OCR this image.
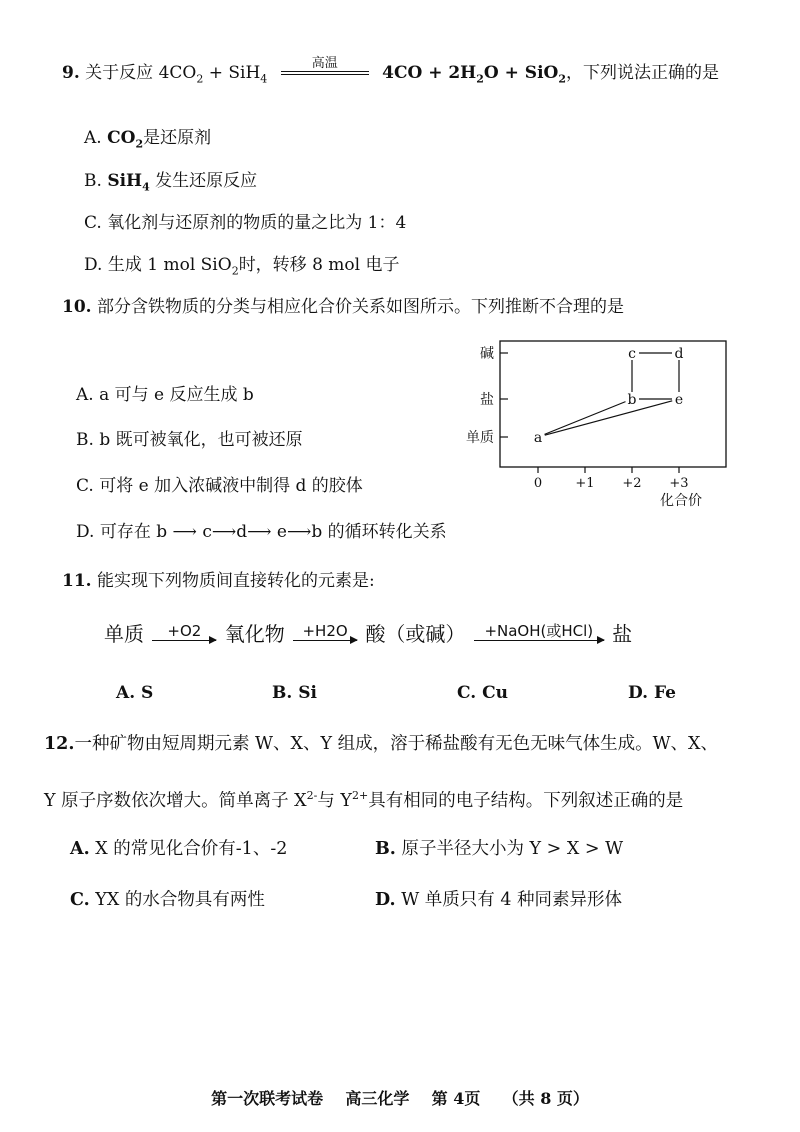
9. 关于反应 $4CO_2 + SiH_4$
高温	$4CO + 2H_2O + SiO_2$，下列说法正确的是
A. $CO_2$是还原剂
B. SiH$_4$ 发生还原反应
C. 氧化剂与还原剂的物质的量之比为 1：4
D. 生成 1 mol SiO$_2$时，转移 8 mol 电子
10. 部分含铁物质的分类与相应化合价关系如图所示。下列推断不合理的是
A. a 可与 e 反应生成 b
B. b 既可被氧化，也可被还原
C. 可将 e 加入浓碱液中制得 d 的胶体
D. 可存在 b ⟶ c⟶d⟶ e⟶b 的循环转化关系
碱
盐
单质
0	+1 +2 +3
化合价
a
b	e
c	d
11. 能实现下列物质间直接转化的元素是:
单质	+O2	氧化物	+H2O 酸（或碱）	+NaOH(或HCl) 盐
A. S	B. Si	C. Cu	D. Fe
12.一种矿物由短周期元素 W、X、Y 组成，溶于稀盐酸有无色无味气体生成。W、X、
Y 原子序数依次增大。简单离子 $X^{2-}$与 $Y^{2+}$具有相同的电子结构。下列叙述正确的是
A. X 的常见化合价有-1、-2	B. 原子半径大小为 Y > X > W
C. YX 的水合物具有两性	D. W 单质只有 4 种同素异形体
第一次联考试卷    高三化学    第 4页    （共 8 页）
